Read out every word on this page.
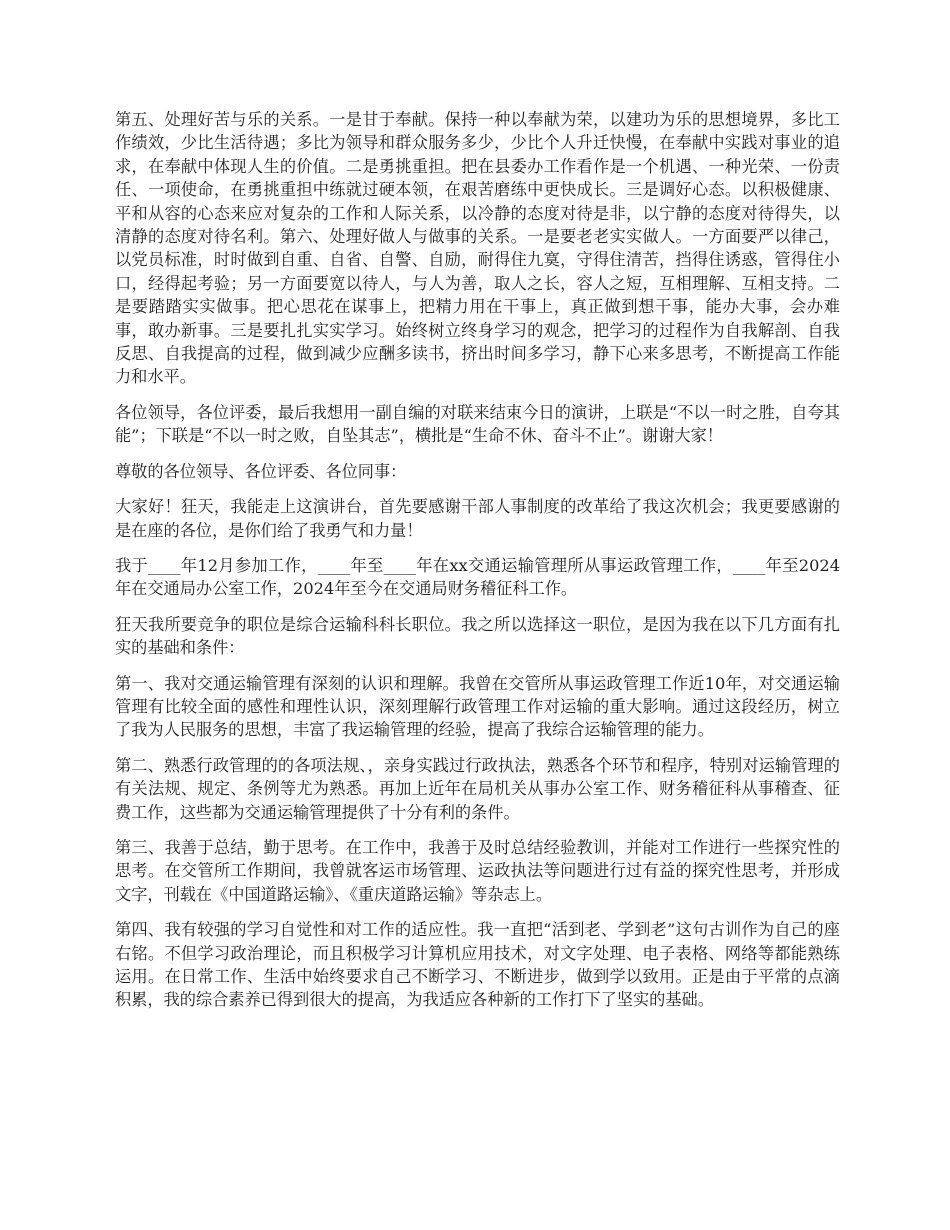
第五、处理好苦与乐的关系。一是甘于奉献。保持一种以奉献为荣，以建功为乐的思想境界，多比工作绩效，少比生活待遇；多比为领导和群众服务多少，少比个人升迁快慢，在奉献中实践对事业的追求，在奉献中体现人生的价值。二是勇挑重担。把在县委办工作看作是一个机遇、一种光荣、一份责任、一项使命，在勇挑重担中练就过硬本领，在艰苦磨练中更快成长。三是调好心态。以积极健康、平和从容的心态来应对复杂的工作和人际关系，以冷静的态度对待是非，以宁静的态度对待得失，以清静的态度对待名利。第六、处理好做人与做事的关系。一是要老老实实做人。一方面要严以律己，以党员标准，时时做到自重、自省、自警、自励，耐得住九寞，守得住清苦，挡得住诱惑，管得住小口，经得起考验；另一方面要宽以待人，与人为善，取人之长，容人之短，互相理解、互相支持。二是要踏踏实实做事。把心思花在谋事上，把精力用在干事上，真正做到想干事，能办大事，会办难事，敢办新事。三是要扎扎实实学习。始终树立终身学习的观念，把学习的过程作为自我解剖、自我反思、自我提高的过程，做到减少应酬多读书，挤出时间多学习，静下心来多思考，不断提高工作能力和水平。

各位领导，各位评委，最后我想用一副自编的对联来结束今日的演讲，上联是“不以一时之胜，自夸其能”；下联是“不以一时之败，自坠其志”，横批是“生命不休、奋斗不止”。谢谢大家！

尊敬的各位领导、各位评委、各位同事：

大家好！狂天，我能走上这演讲台，首先要感谢干部人事制度的改革给了我这次机会；我更要感谢的是在座的各位，是你们给了我勇气和力量！

我于____年12月参加工作，____年至____年在xx交通运输管理所从事运政管理工作，____年至2024年在交通局办公室工作，2024年至今在交通局财务稽征科工作。

狂天我所要竞争的职位是综合运输科科长职位。我之所以选择这一职位，是因为我在以下几方面有扎实的基础和条件：

第一、我对交通运输管理有深刻的认识和理解。我曾在交管所从事运政管理工作近10年，对交通运输管理有比较全面的感性和理性认识，深刻理解行政管理工作对运输的重大影响。通过这段经历，树立了我为人民服务的思想，丰富了我运输管理的经验，提高了我综合运输管理的能力。

第二、熟悉行政管理的的各项法规、，亲身实践过行政执法，熟悉各个环节和程序，特别对运输管理的有关法规、规定、条例等尤为熟悉。再加上近年在局机关从事办公室工作、财务稽征科从事稽查、征费工作，这些都为交通运输管理提供了十分有利的条件。

第三、我善于总结，勤于思考。在工作中，我善于及时总结经验教训，并能对工作进行一些探究性的思考。在交管所工作期间，我曾就客运市场管理、运政执法等问题进行过有益的探究性思考，并形成文字，刊载在《中国道路运输》、《重庆道路运输》等杂志上。

第四、我有较强的学习自觉性和对工作的适应性。我一直把“活到老、学到老”这句古训作为自己的座右铭。不但学习政治理论，而且积极学习计算机应用技术，对文字处理、电子表格、网络等都能熟练运用。在日常工作、生活中始终要求自己不断学习、不断进步，做到学以致用。正是由于平常的点滴积累，我的综合素养已得到很大的提高，为我适应各种新的工作打下了坚实的基础。
